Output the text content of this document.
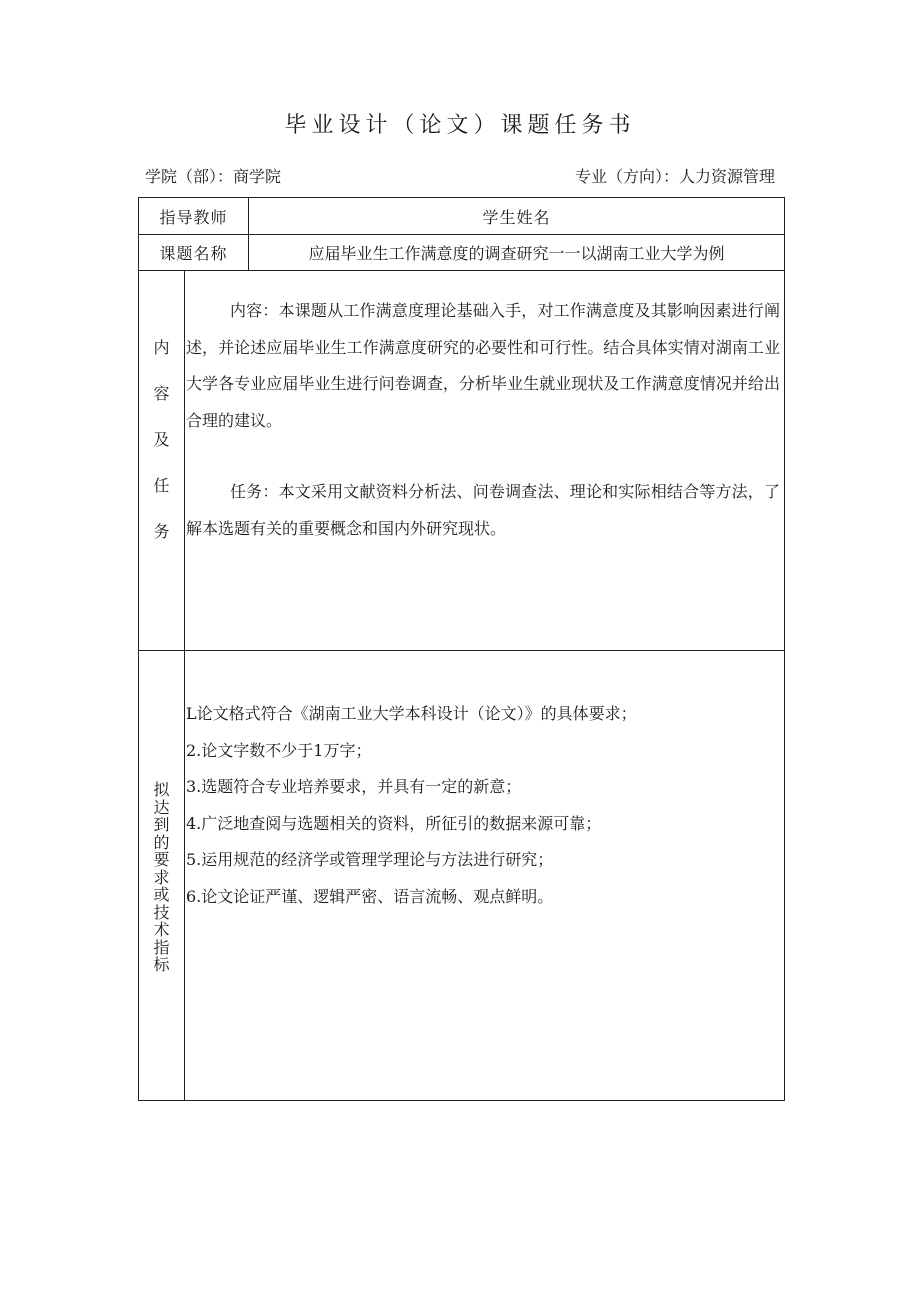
毕业设计（论文）课题任务书
学院（部）：商学院	专业（方向）：人力资源管理
指导教师	学生姓名
课题名称	应届毕业生工作满意度的调查研究一一以湖南工业大学为例
内
容
及
任
务
内容：本课题从工作满意度理论基础入手，对工作满意度及其影响因素进行阐述，并论述应届毕业生工作满意度研究的必要性和可行性。结合具体实情对湖南工业大学各专业应届毕业生进行问卷调查，分析毕业生就业现状及工作满意度情况并给出合理的建议。
任务：本文采用文献资料分析法、问卷调查法、理论和实际相结合等方法，了解本选题有关的重要概念和国内外研究现状。
拟
达
到
的
要
求
或
技
术
指
标
L论文格式符合《湖南工业大学本科设计（论文）》的具体要求；
2.论文字数不少于1万字；
3.选题符合专业培养要求，并具有一定的新意；
4.广泛地查阅与选题相关的资料，所征引的数据来源可靠；
5.运用规范的经济学或管理学理论与方法进行研究；
6.论文论证严谨、逻辑严密、语言流畅、观点鲜明。
